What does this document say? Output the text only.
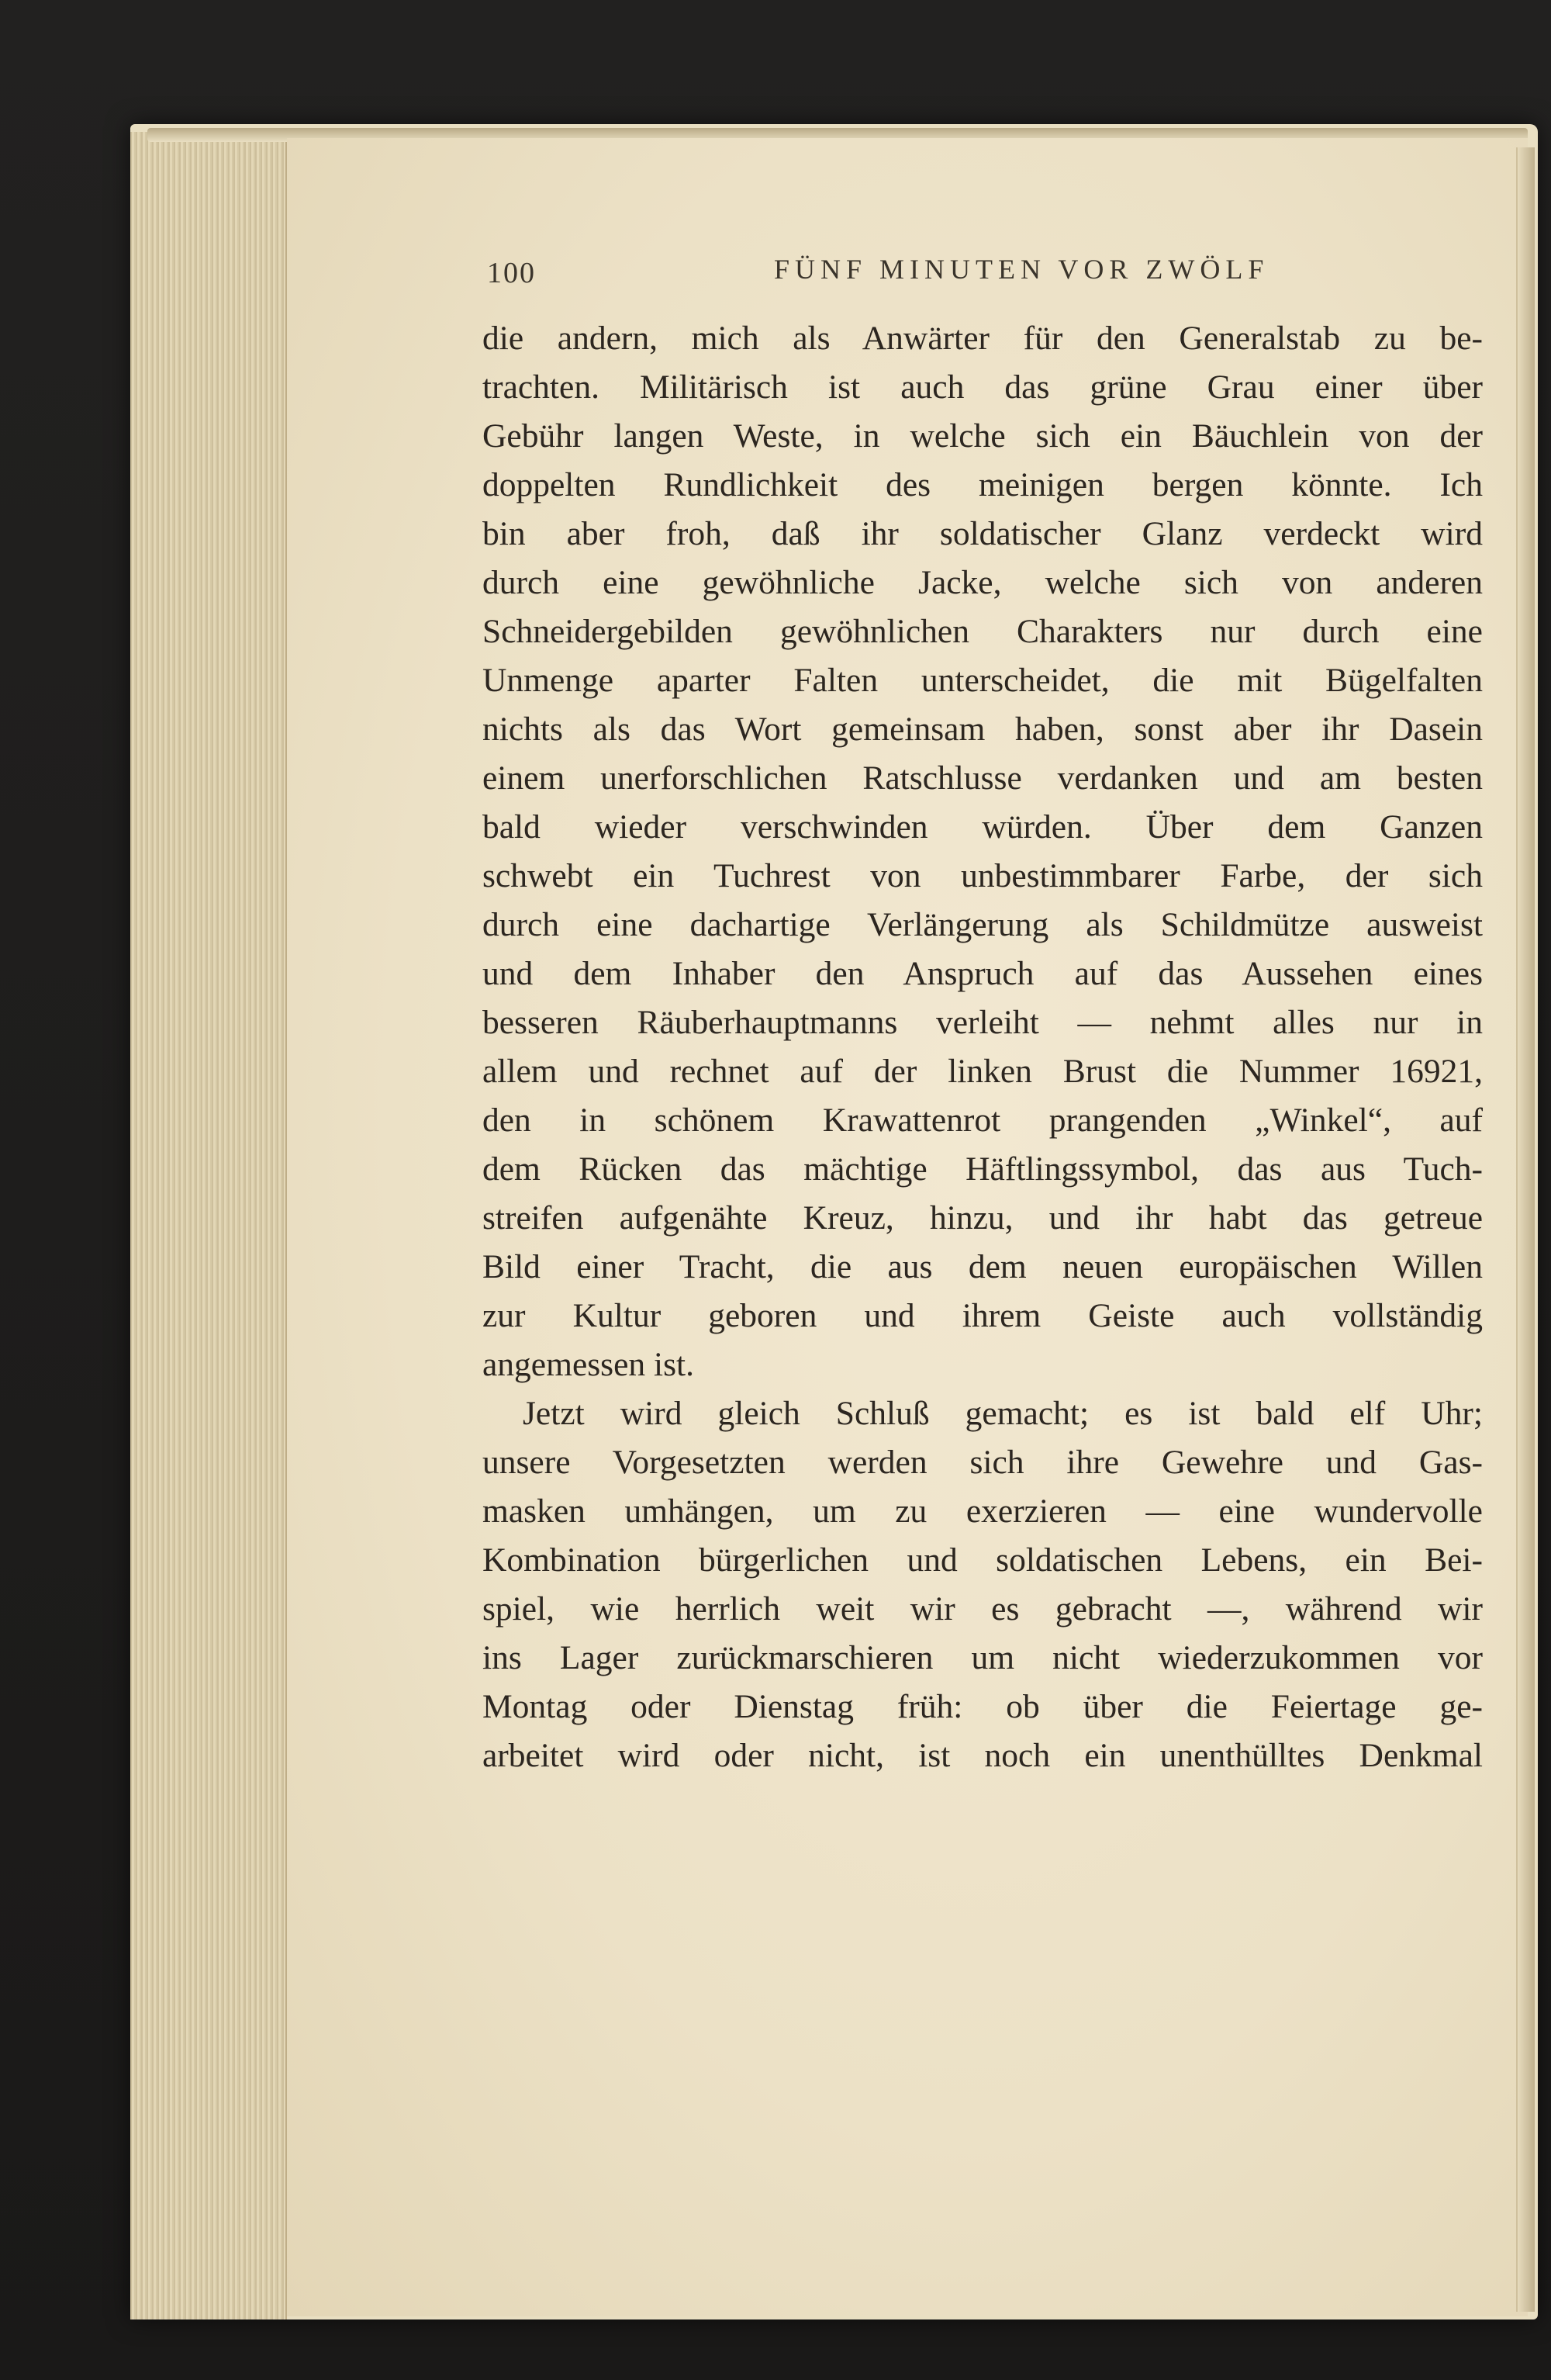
100	FÜNF MINUTEN VOR ZWÖLF
die andern, mich als Anwärter für den Generalstab zu be-
trachten. Militärisch ist auch das grüne Grau einer über
Gebühr langen Weste, in welche sich ein Bäuchlein von der
doppelten Rundlichkeit des meinigen bergen könnte. Ich
bin aber froh, daß ihr soldatischer Glanz verdeckt wird
durch eine gewöhnliche Jacke, welche sich von anderen
Schneidergebilden gewöhnlichen Charakters nur durch eine
Unmenge aparter Falten unterscheidet, die mit Bügelfalten
nichts als das Wort gemeinsam haben, sonst aber ihr Dasein
einem unerforschlichen Ratschlusse verdanken und am besten
bald wieder verschwinden würden. Über dem Ganzen
schwebt ein Tuchrest von unbestimmbarer Farbe, der sich
durch eine dachartige Verlängerung als Schildmütze ausweist
und dem Inhaber den Anspruch auf das Aussehen eines
besseren Räuberhauptmanns verleiht — nehmt alles nur in
allem und rechnet auf der linken Brust die Nummer 16921,
den in schönem Krawattenrot prangenden „Winkel“, auf
dem Rücken das mächtige Häftlingssymbol, das aus Tuch-
streifen aufgenähte Kreuz, hinzu, und ihr habt das getreue
Bild einer Tracht, die aus dem neuen europäischen Willen
zur Kultur geboren und ihrem Geiste auch vollständig
angemessen ist.
Jetzt wird gleich Schluß gemacht; es ist bald elf Uhr;
unsere Vorgesetzten werden sich ihre Gewehre und Gas-
masken umhängen, um zu exerzieren — eine wundervolle
Kombination bürgerlichen und soldatischen Lebens, ein Bei-
spiel, wie herrlich weit wir es gebracht —, während wir
ins Lager zurückmarschieren um nicht wiederzukommen vor
Montag oder Dienstag früh: ob über die Feiertage ge-
arbeitet wird oder nicht, ist noch ein unenthülltes Denkmal
